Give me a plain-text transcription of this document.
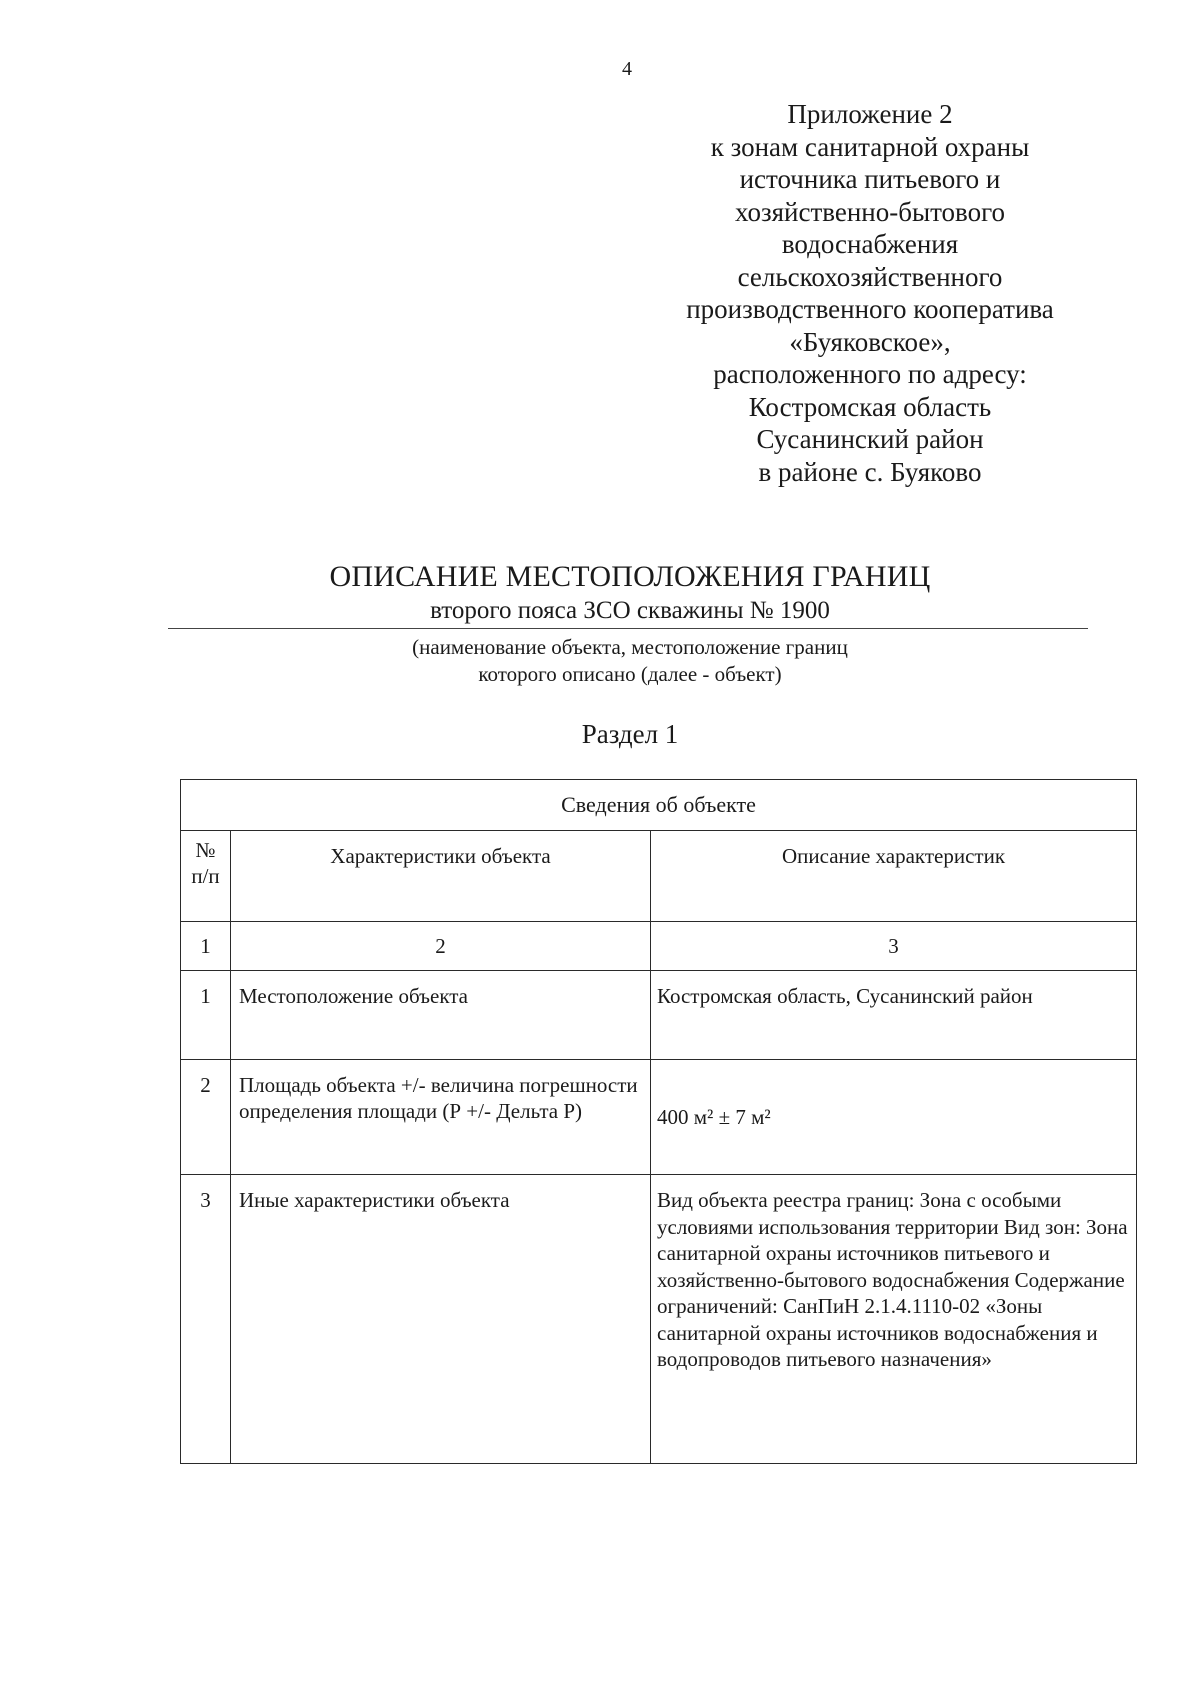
4
Приложение 2
к зонам санитарной охраны
источника питьевого и
хозяйственно-бытового
водоснабжения
сельскохозяйственного
производственного кооператива
«Буяковское»,
расположенного по адресу:
Костромская область
Сусанинский район
в районе с. Буяково
ОПИСАНИЕ МЕСТОПОЛОЖЕНИЯ ГРАНИЦ
второго пояса ЗСО скважины № 1900
(наименование объекта, местоположение границ
которого описано (далее - объект)
Раздел 1
Сведения об объекте		

№
п/п	Характеристики объекта	Описание характеристик
1	2	3
1	Местоположение объекта	Костромская область, Сусанинский район
2	Площадь объекта +/- величина погрешности определения площади (Р +/- Дельта Р)	400 м² ± 7 м²
3	Иные характеристики объекта	Вид объекта реестра границ: Зона с особыми условиями использования территории Вид зон: Зона санитарной охраны источников питьевого и хозяйственно-бытового водоснабжения Содержание ограничений: СанПиН 2.1.4.1110-02 «Зоны санитарной охраны источников водоснабжения и водопроводов питьевого назначения»
